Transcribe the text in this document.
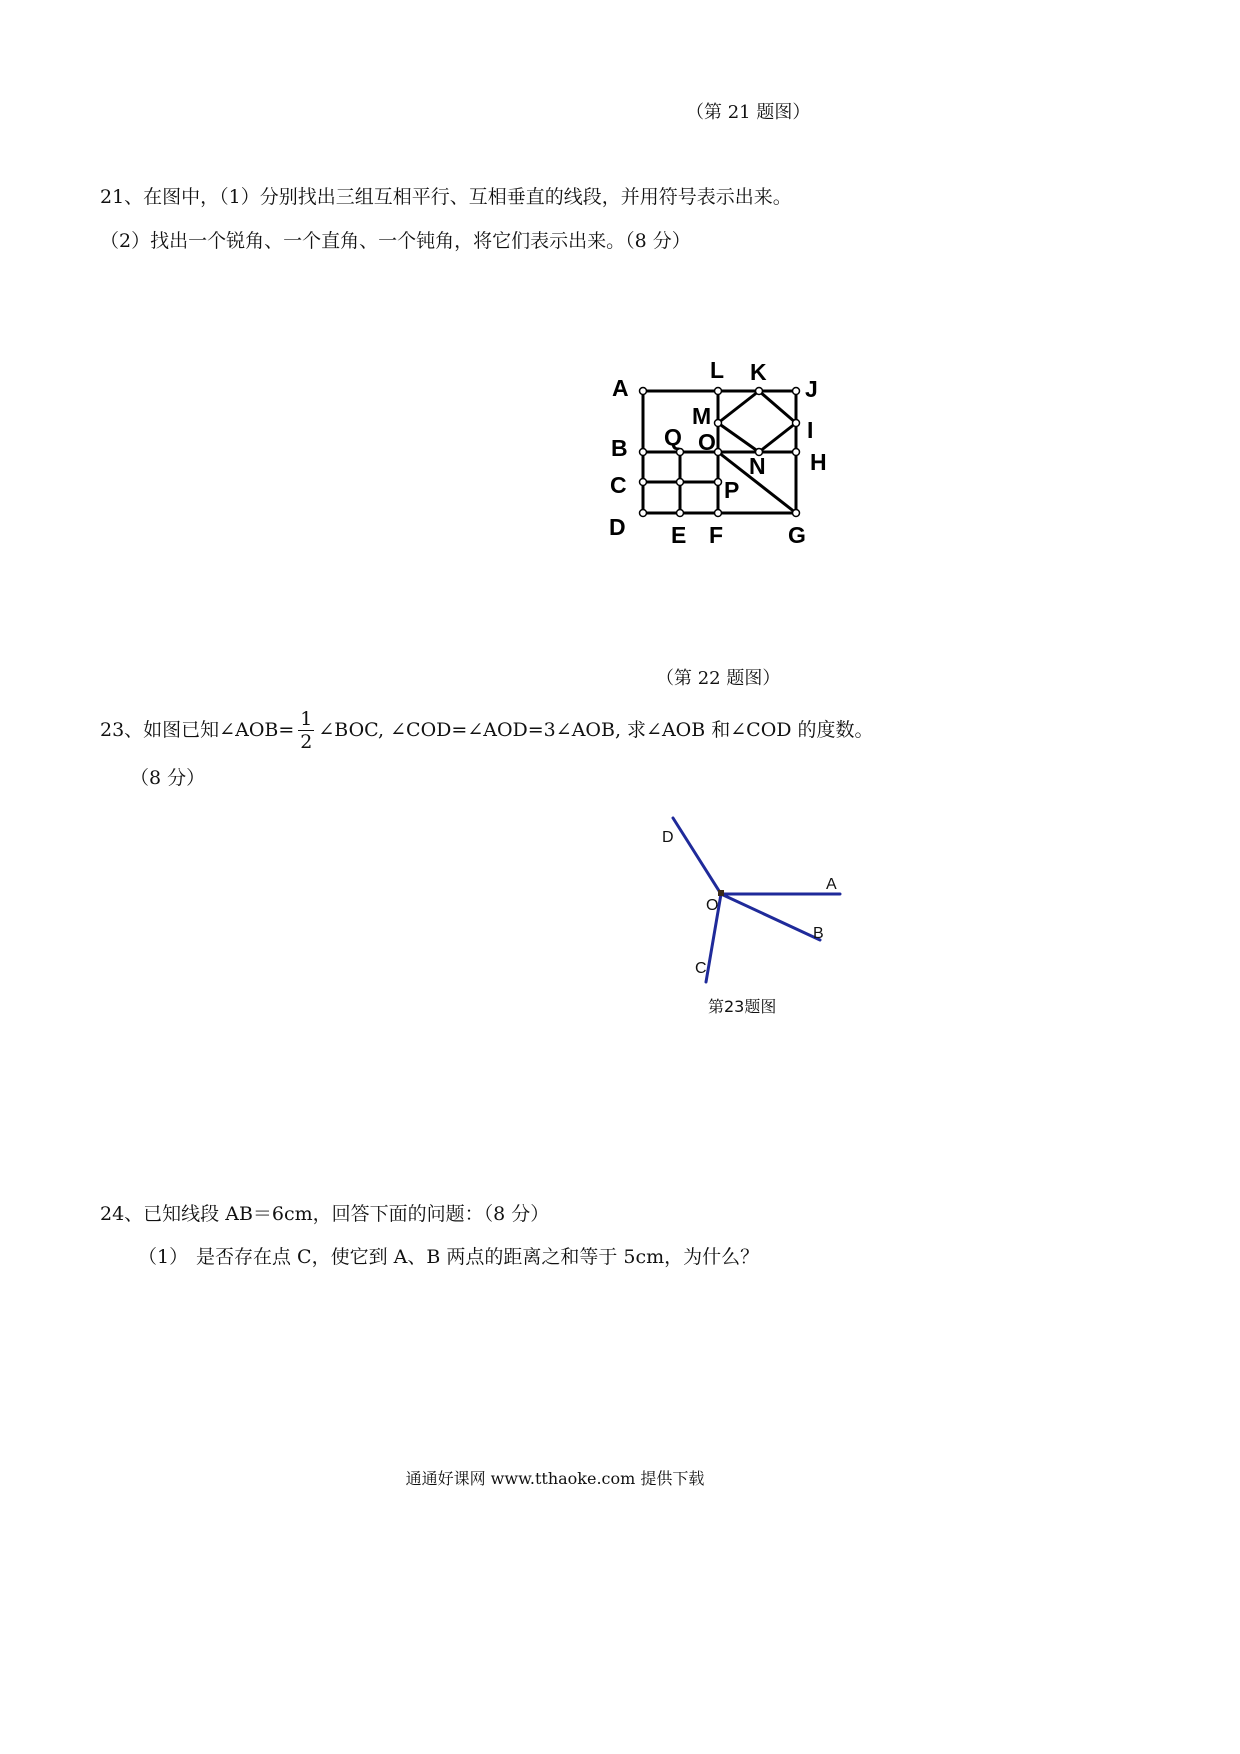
（第 21 题图）
21、在图中，（1）分别找出三组互相平行、互相垂直的线段，并用符号表示出来。
（2）找出一个锐角、一个直角、一个钝角，将它们表示出来。（8 分）
A
L K
J
M
I
B Q O
N H
C	P
D E F	G
（第 22 题图）
23、如图已知∠AOB= $\frac{1}{2}$ ∠BOC, ∠COD=∠AOD=3∠AOB, 求∠AOB 和∠COD 的度数。
（8 分）
D
A
O
B
C
第23题图
24、已知线段 AB＝6cm，回答下面的问题：（8 分）
（1） 是否存在点 C，使它到 A、B 两点的距离之和等于 5cm，为什么？
通通好课网 www.tthaoke.com 提供下载
